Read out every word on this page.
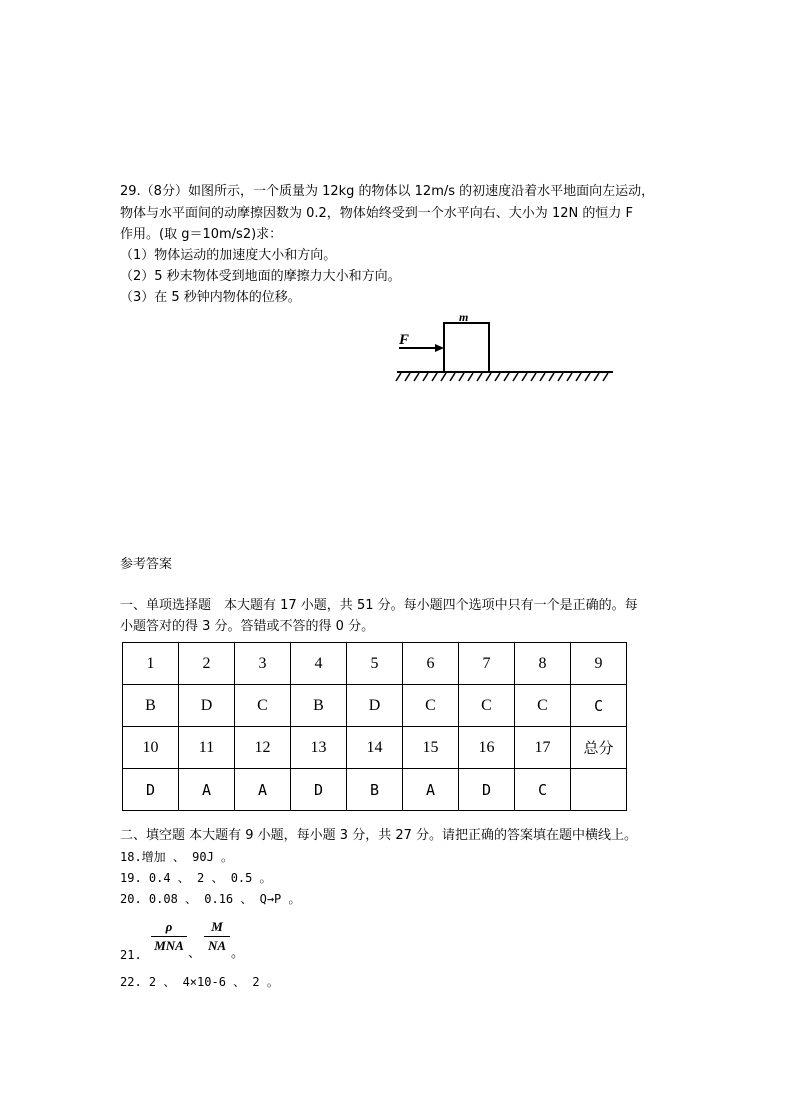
29.（8分）如图所示，一个质量为 12kg 的物体以 12m/s 的初速度沿着水平地面向左运动，
物体与水平面间的动摩擦因数为 0.2，物体始终受到一个水平向右、大小为 12N 的恒力 F
作用。(取 g＝10m/s2)求：
（1）物体运动的加速度大小和方向。
（2）5 秒末物体受到地面的摩擦力大小和方向。
（3）在 5 秒钟内物体的位移。
F
m
参考答案
一、单项选择题　本大题有 17 小题，共 51 分。每小题四个选项中只有一个是正确的。每
小题答对的得 3 分。答错或不答的得 0 分。
1	2	3	4	5	6	7	8	9
B	D	C	B	D	C	C	C	C
10	11	12	13	14	15	16	17	总分
D	A	A	D	B	A	D	C	
二、填空题 本大题有 9 小题，每小题 3 分，共 27 分。请把正确的答案填在题中横线上。
18.增加 、 90J 。
19. 0.4 、 2 、 0.5 。
20. 0.08 、 0.16 、 Q→P 。
21.
ρ
MNA
、 $\frac{M}{NA}$ 。
22. 2 、 4×10-6 、 2 。
